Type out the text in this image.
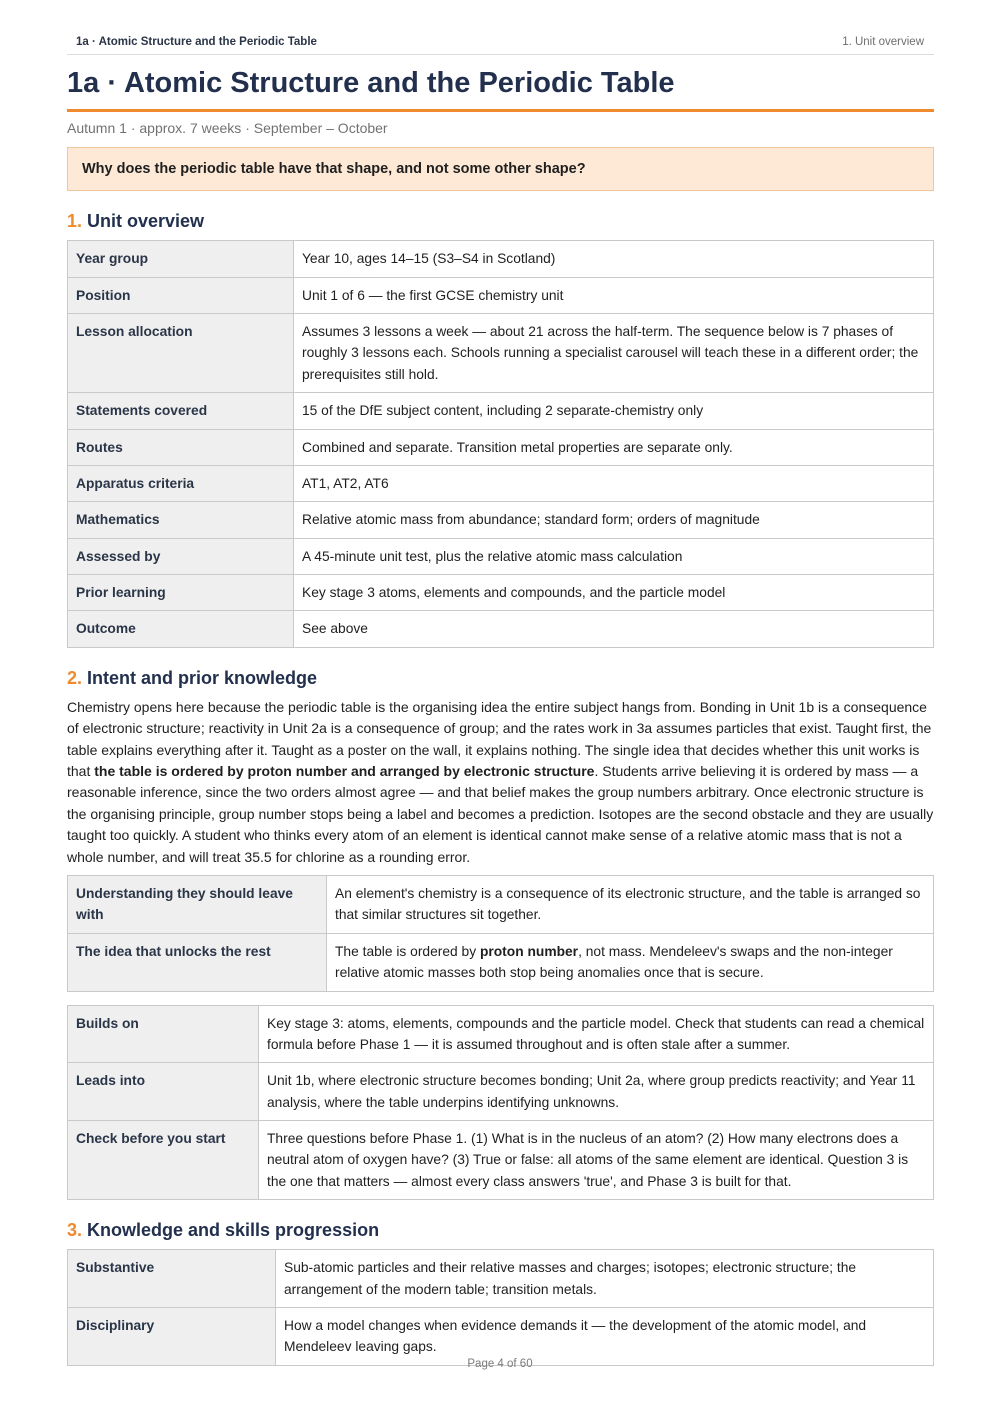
1a · Atomic Structure and the Periodic Table	1. Unit overview
1a · Atomic Structure and the Periodic Table
Autumn 1 · approx. 7 weeks · September – October
Why does the periodic table have that shape, and not some other shape?
1. Unit overview
Year group	Year 10, ages 14–15 (S3–S4 in Scotland)
Position	Unit 1 of 6 — the first GCSE chemistry unit
Lesson allocation	Assumes 3 lessons a week — about 21 across the half-term. The sequence below is 7 phases of roughly 3 lessons each. Schools running a specialist carousel will teach these in a different order; the prerequisites still hold.
Statements covered	15 of the DfE subject content, including 2 separate-chemistry only
Routes	Combined and separate. Transition metal properties are separate only.
Apparatus criteria	AT1, AT2, AT6
Mathematics	Relative atomic mass from abundance; standard form; orders of magnitude
Assessed by	A 45-minute unit test, plus the relative atomic mass calculation
Prior learning	Key stage 3 atoms, elements and compounds, and the particle model
Outcome	See above
2. Intent and prior knowledge

Chemistry opens here because the periodic table is the organising idea the entire subject hangs from. Bonding in Unit 1b is a consequence of electronic structure; reactivity in Unit 2a is a consequence of group; and the rates work in 3a assumes particles that exist. Taught first, the table explains everything after it. Taught as a poster on the wall, it explains nothing. The single idea that decides whether this unit works is that the table is ordered by proton number and arranged by electronic structure. Students arrive believing it is ordered by mass — a reasonable inference, since the two orders almost agree — and that belief makes the group numbers arbitrary. Once electronic structure is the organising principle, group number stops being a label and becomes a prediction. Isotopes are the second obstacle and they are usually taught too quickly. A student who thinks every atom of an element is identical cannot make sense of a relative atomic mass that is not a whole number, and will treat 35.5 for chlorine as a rounding error.

Understanding they should leave with	An element's chemistry is a consequence of its electronic structure, and the table is arranged so that similar structures sit together.
The idea that unlocks the rest	The table is ordered by proton number, not mass. Mendeleev's swaps and the non-integer relative atomic masses both stop being anomalies once that is secure.
Builds on	Key stage 3: atoms, elements, compounds and the particle model. Check that students can read a chemical formula before Phase 1 — it is assumed throughout and is often stale after a summer.
Leads into	Unit 1b, where electronic structure becomes bonding; Unit 2a, where group predicts reactivity; and Year 11 analysis, where the table underpins identifying unknowns.
Check before you start	Three questions before Phase 1. (1) What is in the nucleus of an atom? (2) How many electrons does a neutral atom of oxygen have? (3) True or false: all atoms of the same element are identical. Question 3 is the one that matters — almost every class answers 'true', and Phase 3 is built for that.
3. Knowledge and skills progression
Substantive	Sub-atomic particles and their relative masses and charges; isotopes; electronic structure; the arrangement of the modern table; transition metals.
Disciplinary	How a model changes when evidence demands it — the development of the atomic model, and Mendeleev leaving gaps.
Page 4 of 60
